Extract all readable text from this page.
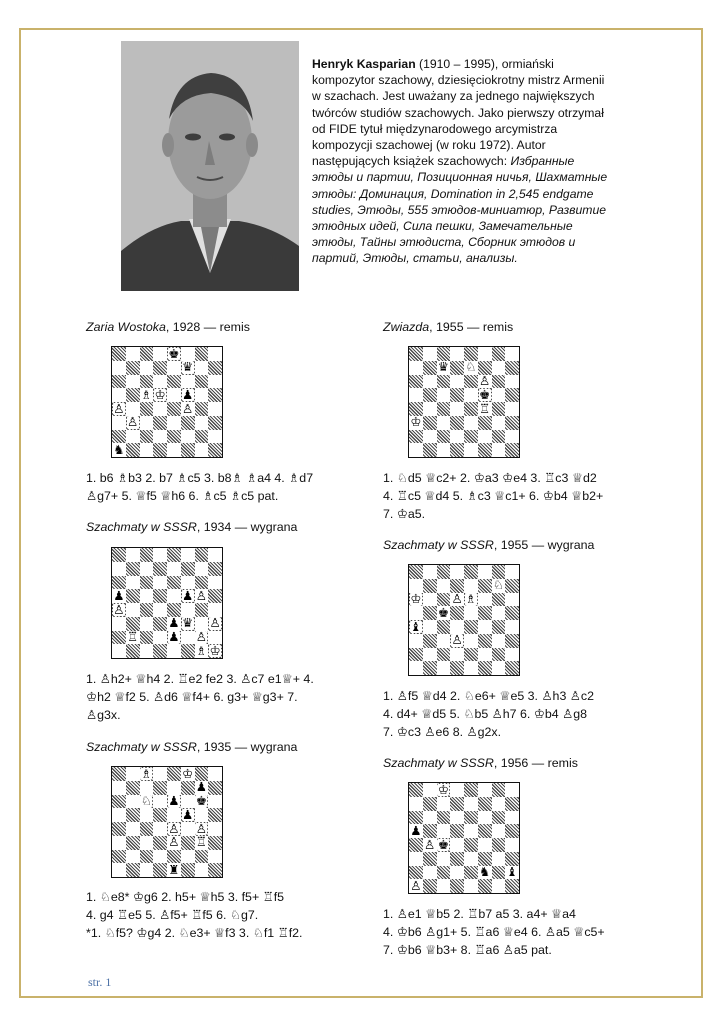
Henryk Kasparian (1910 – 1995), ormiański kompozytor szachowy, dziesięciokrotny mistrz Armenii w szachach. Jest uważany za jednego największych twórców studiów szachowych. Jako pierwszy otrzymał od FIDE tytuł międzynarodowego arcymistrza kompozycji szachowej (w roku 1972). Autor następujących książek szachowych: Избранные этюды и партии, Позиционная ничья, Шахматные этюды: Доминация, Domination in 2,545 endgame studies, Этюды, 555 этюдов-миниатюр, Развитие этюдных идей, Сила пешки, Замечательные этюды, Тайны этюдиста, Сборник этюдов и партий, Этюды, статьи, анализы.

Zaria Wostoka, 1928 — remis
♚
♛
♗ ♔ ♟
♙	♙
♙
♞
1. b6 ♗b3 2. b7 ♗c5 3. b8♗ ♗a4 4. ♗d7
♙g7+ 5. ♕f5 ♕h6 6. ♗c5 ♗c5 pat.
Szachmaty w SSSR, 1934 — wygrana
♟	♟ ♙
♙
♟ ♛ ♙
♖ ♟ ♙
♗ ♔
1. ♙h2+ ♕h4 2. ♖e2 fe2 3. ♙c7 e1♕+ 4.
♔h2 ♕f2 5. ♙d6 ♕f4+ 6. g3+ ♕g3+ 7.
♙g3x.
Szachmaty w SSSR, 1935 — wygrana
♗ ♔
♟
♘ ♟ ♚
♟
♙ ♙
♙ ♖
♜
1. ♘e8* ♔g6 2. h5+ ♕h5 3. f5+ ♖f5
4. g4 ♖e5 5. ♙f5+ ♖f5 6. ♘g7.
*1. ♘f5? ♔g4 2. ♘e3+ ♕f3 3. ♘f1 ♖f2.
Zwiazda, 1955 — remis
♛ ♘
♙
♚
♖
♔
1. ♘d5 ♕c2+ 2. ♔a3 ♔e4 3. ♖c3 ♕d2
4. ♖c5 ♕d4 5. ♗c3 ♕c1+ 6. ♔b4 ♕b2+
7. ♔a5.
Szachmaty w SSSR, 1955 — wygrana
♘
♔ ♙ ♗
♚
♝
♙
1. ♙f5 ♕d4 2. ♘e6+ ♕e5 3. ♙h3 ♙c2
4. d4+ ♕d5 5. ♘b5 ♙h7 6. ♔b4 ♙g8
7. ♔c3 ♙e6 8. ♙g2x.
Szachmaty w SSSR, 1956 — remis
♔
♟
♙ ♚
♞ ♝
♙
1. ♙e1 ♕b5 2. ♖b7 a5 3. a4+ ♕a4
4. ♔b6 ♙g1+ 5. ♖a6 ♕e4 6. ♙a5 ♕c5+
7. ♔b6 ♕b3+ 8. ♖a6 ♙a5 pat.
str. 1
